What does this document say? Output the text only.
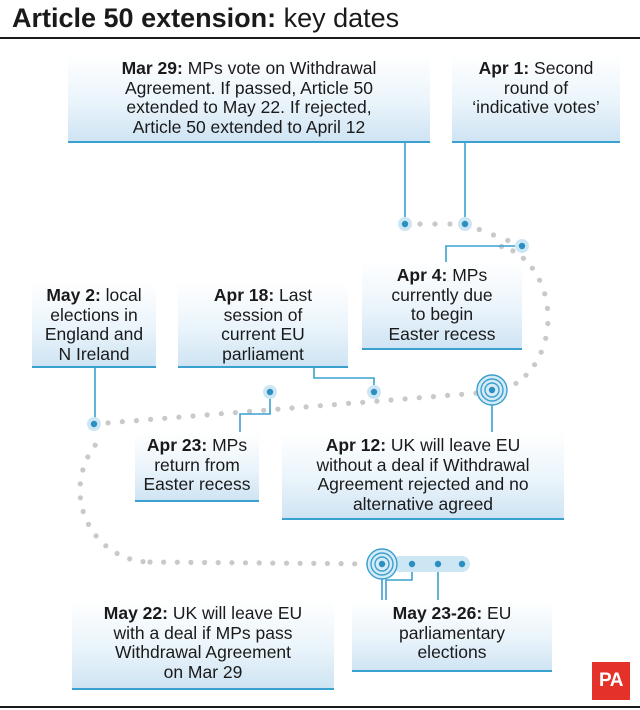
Article 50 extension: key dates
Mar 29: MPs vote on Withdrawal
Agreement. If passed, Article 50
extended to May 22. If rejected,
Article 50 extended to April 12
Apr 1: Second
round of
‘indicative votes’
Apr 4: MPs
currently due
to begin
Easter recess
May 2: local
elections in
England and
N Ireland
Apr 18: Last
session of
current EU
parliament
Apr 23: MPs
return from
Easter recess
Apr 12: UK will leave EU
without a deal if Withdrawal
Agreement rejected and no
alternative agreed
May 22: UK will leave EU
with a deal if MPs pass
Withdrawal Agreement
on Mar 29
May 23-26: EU
parliamentary
elections
PA
